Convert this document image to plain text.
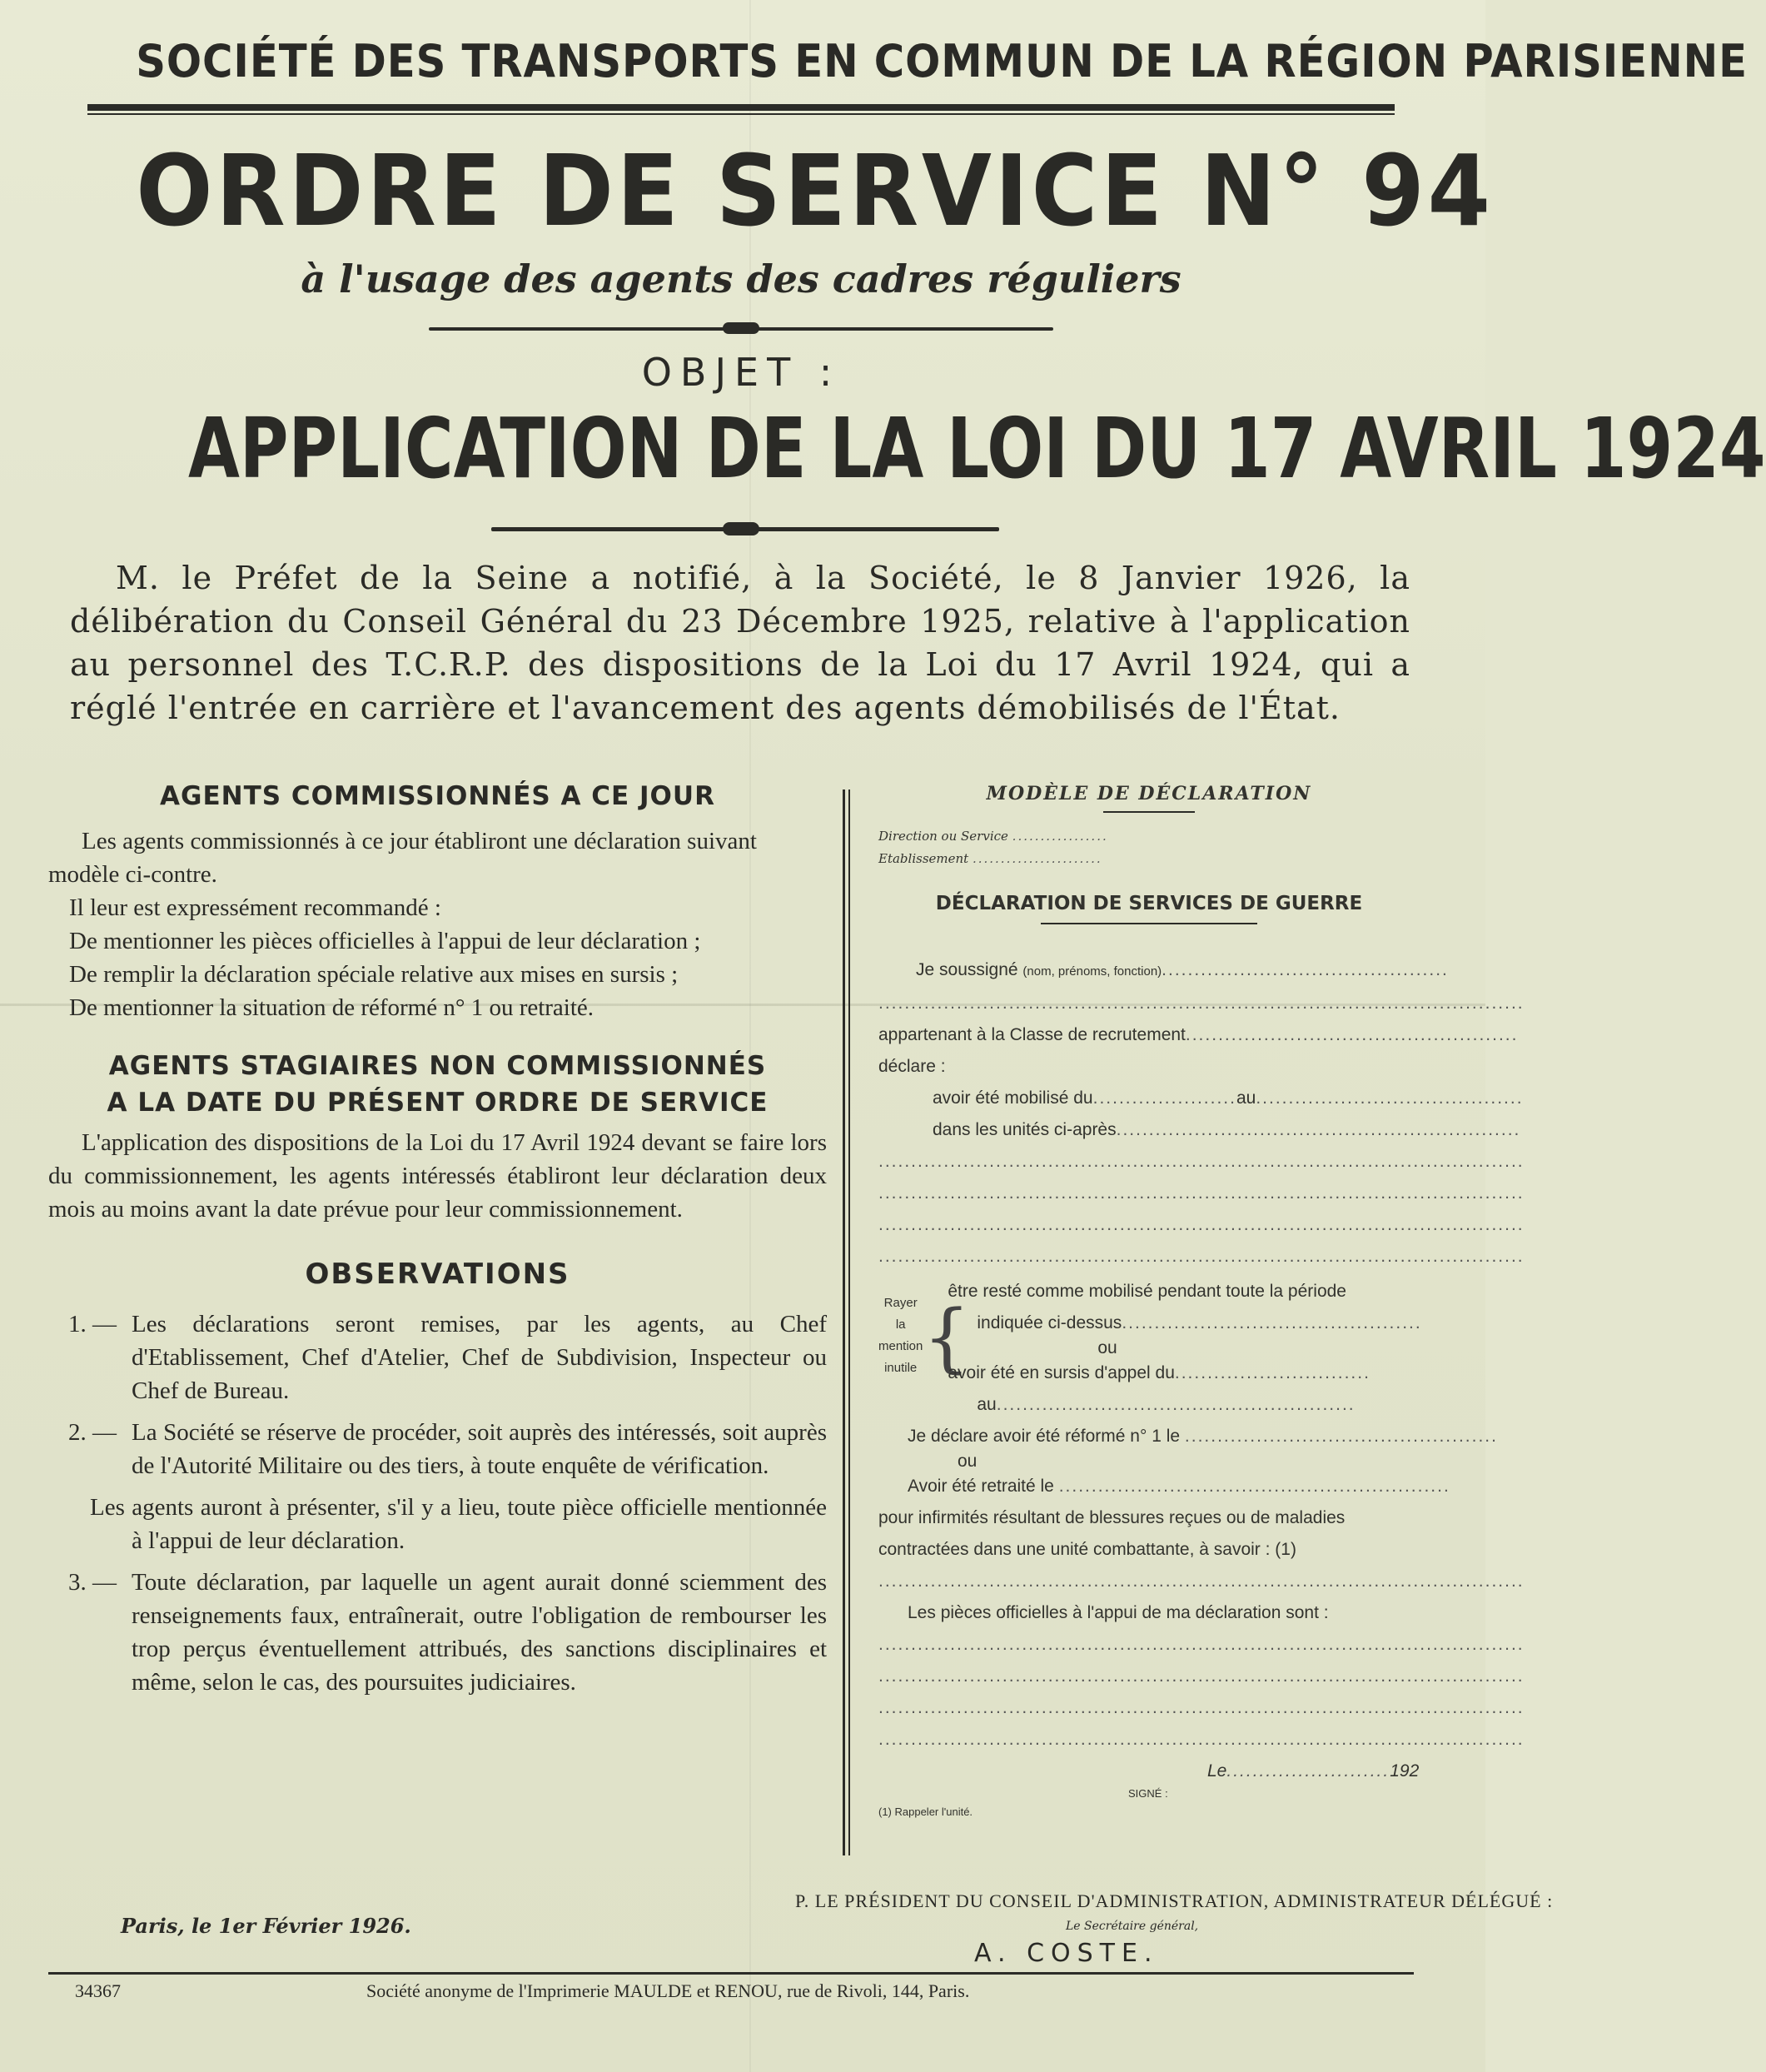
SOCIÉTÉ DES TRANSPORTS EN COMMUN DE LA RÉGION PARISIENNE
ORDRE DE SERVICE N° 94
à l'usage des agents des cadres réguliers
OBJET :
APPLICATION DE LA LOI DU 17 AVRIL 1924
M. le Préfet de la Seine a notifié, à la Société, le 8 Janvier 1926, la délibération du Conseil Général du 23 Décembre 1925, relative à l'application au personnel des T.C.R.P. des dispositions de la Loi du 17 Avril 1924, qui a réglé l'entrée en carrière et l'avancement des agents démobilisés de l'État.
AGENTS COMMISSIONNÉS A CE JOUR

Les agents commissionnés à ce jour établiront une déclaration suivant modèle ci-contre.

Il leur est expressément recommandé :

De mentionner les pièces officielles à l'appui de leur déclaration ;

De remplir la déclaration spéciale relative aux mises en sursis ;

De mentionner la situation de réformé n° 1 ou retraité.

AGENTS STAGIAIRES NON COMMISSIONNÉS
A LA DATE DU PRÉSENT ORDRE DE SERVICE

L'application des dispositions de la Loi du 17 Avril 1924 devant se faire lors du commissionnement, les agents intéressés établiront leur déclaration deux mois au moins avant la date prévue pour leur commissionnement.

OBSERVATIONS
1. — Les déclarations seront remises, par les agents, au Chef d'Etablissement, Chef d'Atelier, Chef de Subdivision, Inspecteur ou Chef de Bureau.
2. — La Société se réserve de procéder, soit auprès des intéressés, soit auprès de l'Autorité Militaire ou des tiers, à toute enquête de vérification.
Les agents auront à présenter, s'il y a lieu, toute pièce officielle mentionnée à l'appui de leur déclaration.
3. — Toute déclaration, par laquelle un agent aurait donné sciemment des renseignements faux, entraînerait, outre l'obligation de rembourser les trop perçus éventuellement attribués, des sanctions disciplinaires et même, selon le cas, des poursuites judiciaires.
MODÈLE DE DÉCLARATION
Direction ou Service .................
Etablissement .......................
DÉCLARATION DE SERVICES DE GUERRE
Je soussigné (nom, prénoms, fonction)............................................
...................................................................................................
appartenant à la Classe de recrutement...................................................
déclare :
avoir été mobilisé du......................au.........................................
dans les unités ci-après..............................................................
...................................................................................................
...................................................................................................
...................................................................................................
...................................................................................................
Rayer
la mention
inutile {
être resté comme mobilisé pendant toute la période
indiquée ci-dessus..............................................
ou
avoir été en sursis d'appel du..............................
au.......................................................
Je déclare avoir été réformé n° 1 le ................................................
ou
Avoir été retraité le ............................................................
pour infirmités résultant de blessures reçues ou de maladies
contractées dans une unité combattante, à savoir : (1)
...................................................................................................
Les pièces officielles à l'appui de ma déclaration sont :
...................................................................................................
...................................................................................................
...................................................................................................
...................................................................................................
Le.........................192
SIGNÉ :
(1) Rappeler l'unité.
Paris, le 1er Février 1926.
P. LE PRÉSIDENT DU CONSEIL D'ADMINISTRATION, ADMINISTRATEUR DÉLÉGUÉ :
Le Secrétaire général,
A. COSTE.
34367	Société anonyme de l'Imprimerie MAULDE et RENOU, rue de Rivoli, 144, Paris.
